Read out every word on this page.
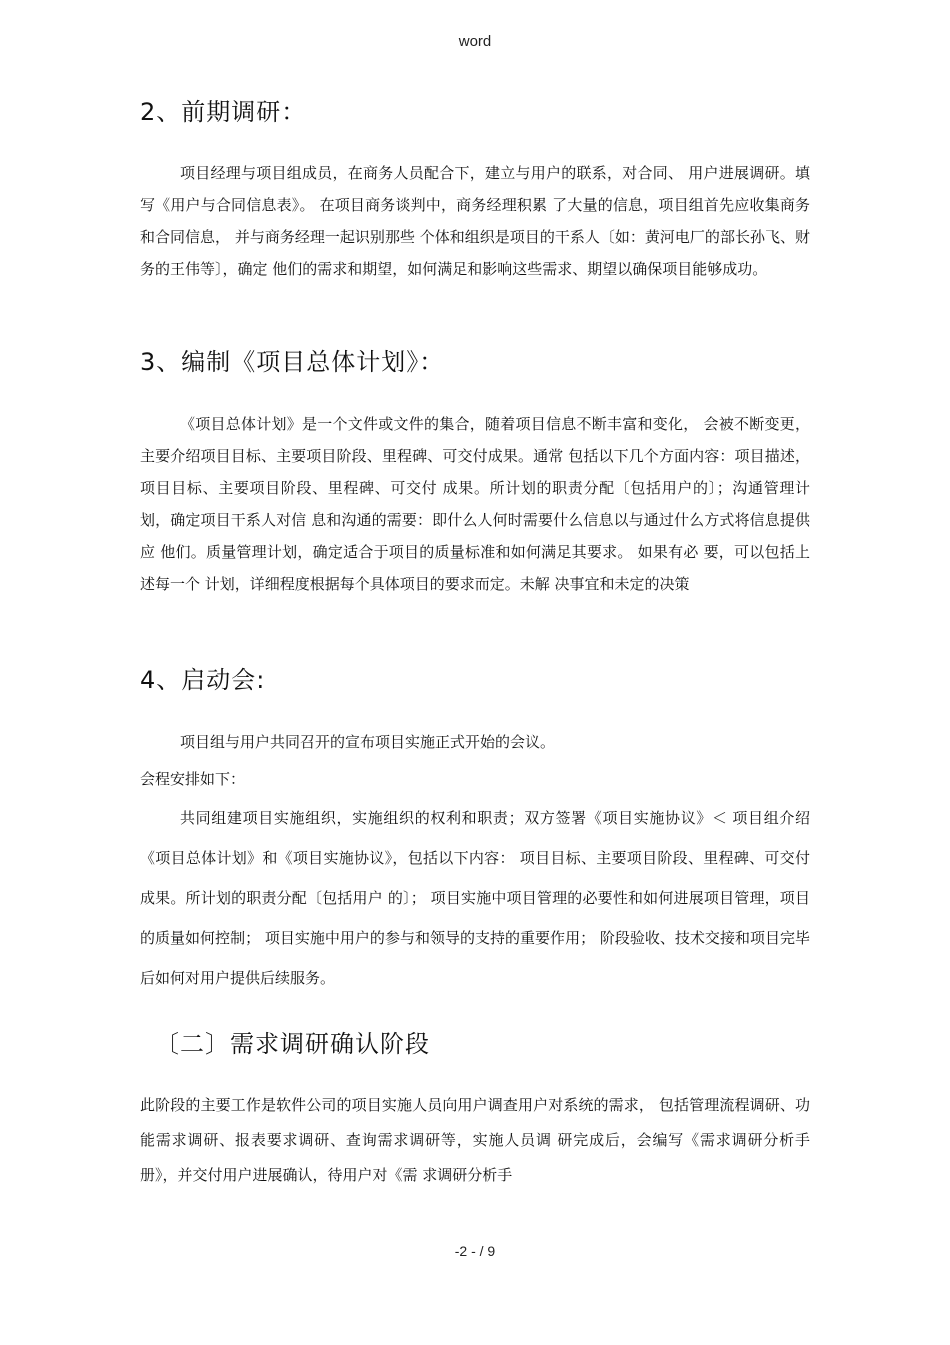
word
2、前期调研：

项目经理与项目组成员，在商务人员配合下，建立与用户的联系，对合同、 用户进展调研。填写《用户与合同信息表》。 在项目商务谈判中，商务经理积累 了大量的信息，项目组首先应收集商务和合同信息， 并与商务经理一起识别那些 个体和组织是项目的干系人〔如：黄河电厂的部长孙飞、财务的王伟等〕，确定 他们的需求和期望，如何满足和影响这些需求、期望以确保项目能够成功。

3、编制《项目总体计划》：

《项目总体计划》是一个文件或文件的集合，随着项目信息不断丰富和变化， 会被不断变更，主要介绍项目目标、主要项目阶段、里程碑、可交付成果。通常 包括以下几个方面内容：项目描述，项目目标、主要项目阶段、里程碑、可交付 成果。所计划的职责分配〔包括用户的〕；沟通管理计划，确定项目干系人对信 息和沟通的需要：即什么人何时需要什么信息以与通过什么方式将信息提供应 他们。质量管理计划，确定适合于项目的质量标准和如何满足其要求。 如果有必 要，可以包括上述每一个 计划，详细程度根据每个具体项目的要求而定。未解 决事宜和未定的决策

4、启动会:

项目组与用户共同召开的宣布项目实施正式开始的会议。

会程安排如下：

共同组建项目实施组织，实施组织的权利和职责；双方签署《项目实施协议》＜ 项目组介绍《项目总体计划》和《项目实施协议》，包括以下内容： 项目目标、主要项目阶段、里程碑、可交付成果。所计划的职责分配〔包括用户 的〕； 项目实施中项目管理的必要性和如何进展项目管理，项目的质量如何控制； 项目实施中用户的参与和领导的支持的重要作用； 阶段验收、技术交接和项目完毕后如何对用户提供后续服务。

〔二〕需求调研确认阶段

此阶段的主要工作是软件公司的项目实施人员向用户调查用户对系统的需求， 包括管理流程调研、功能需求调研、报表要求调研、查询需求调研等，实施人员调 研完成后，会编写《需求调研分析手册》，并交付用户进展确认，待用户对《需 求调研分析手

-2 - / 9
